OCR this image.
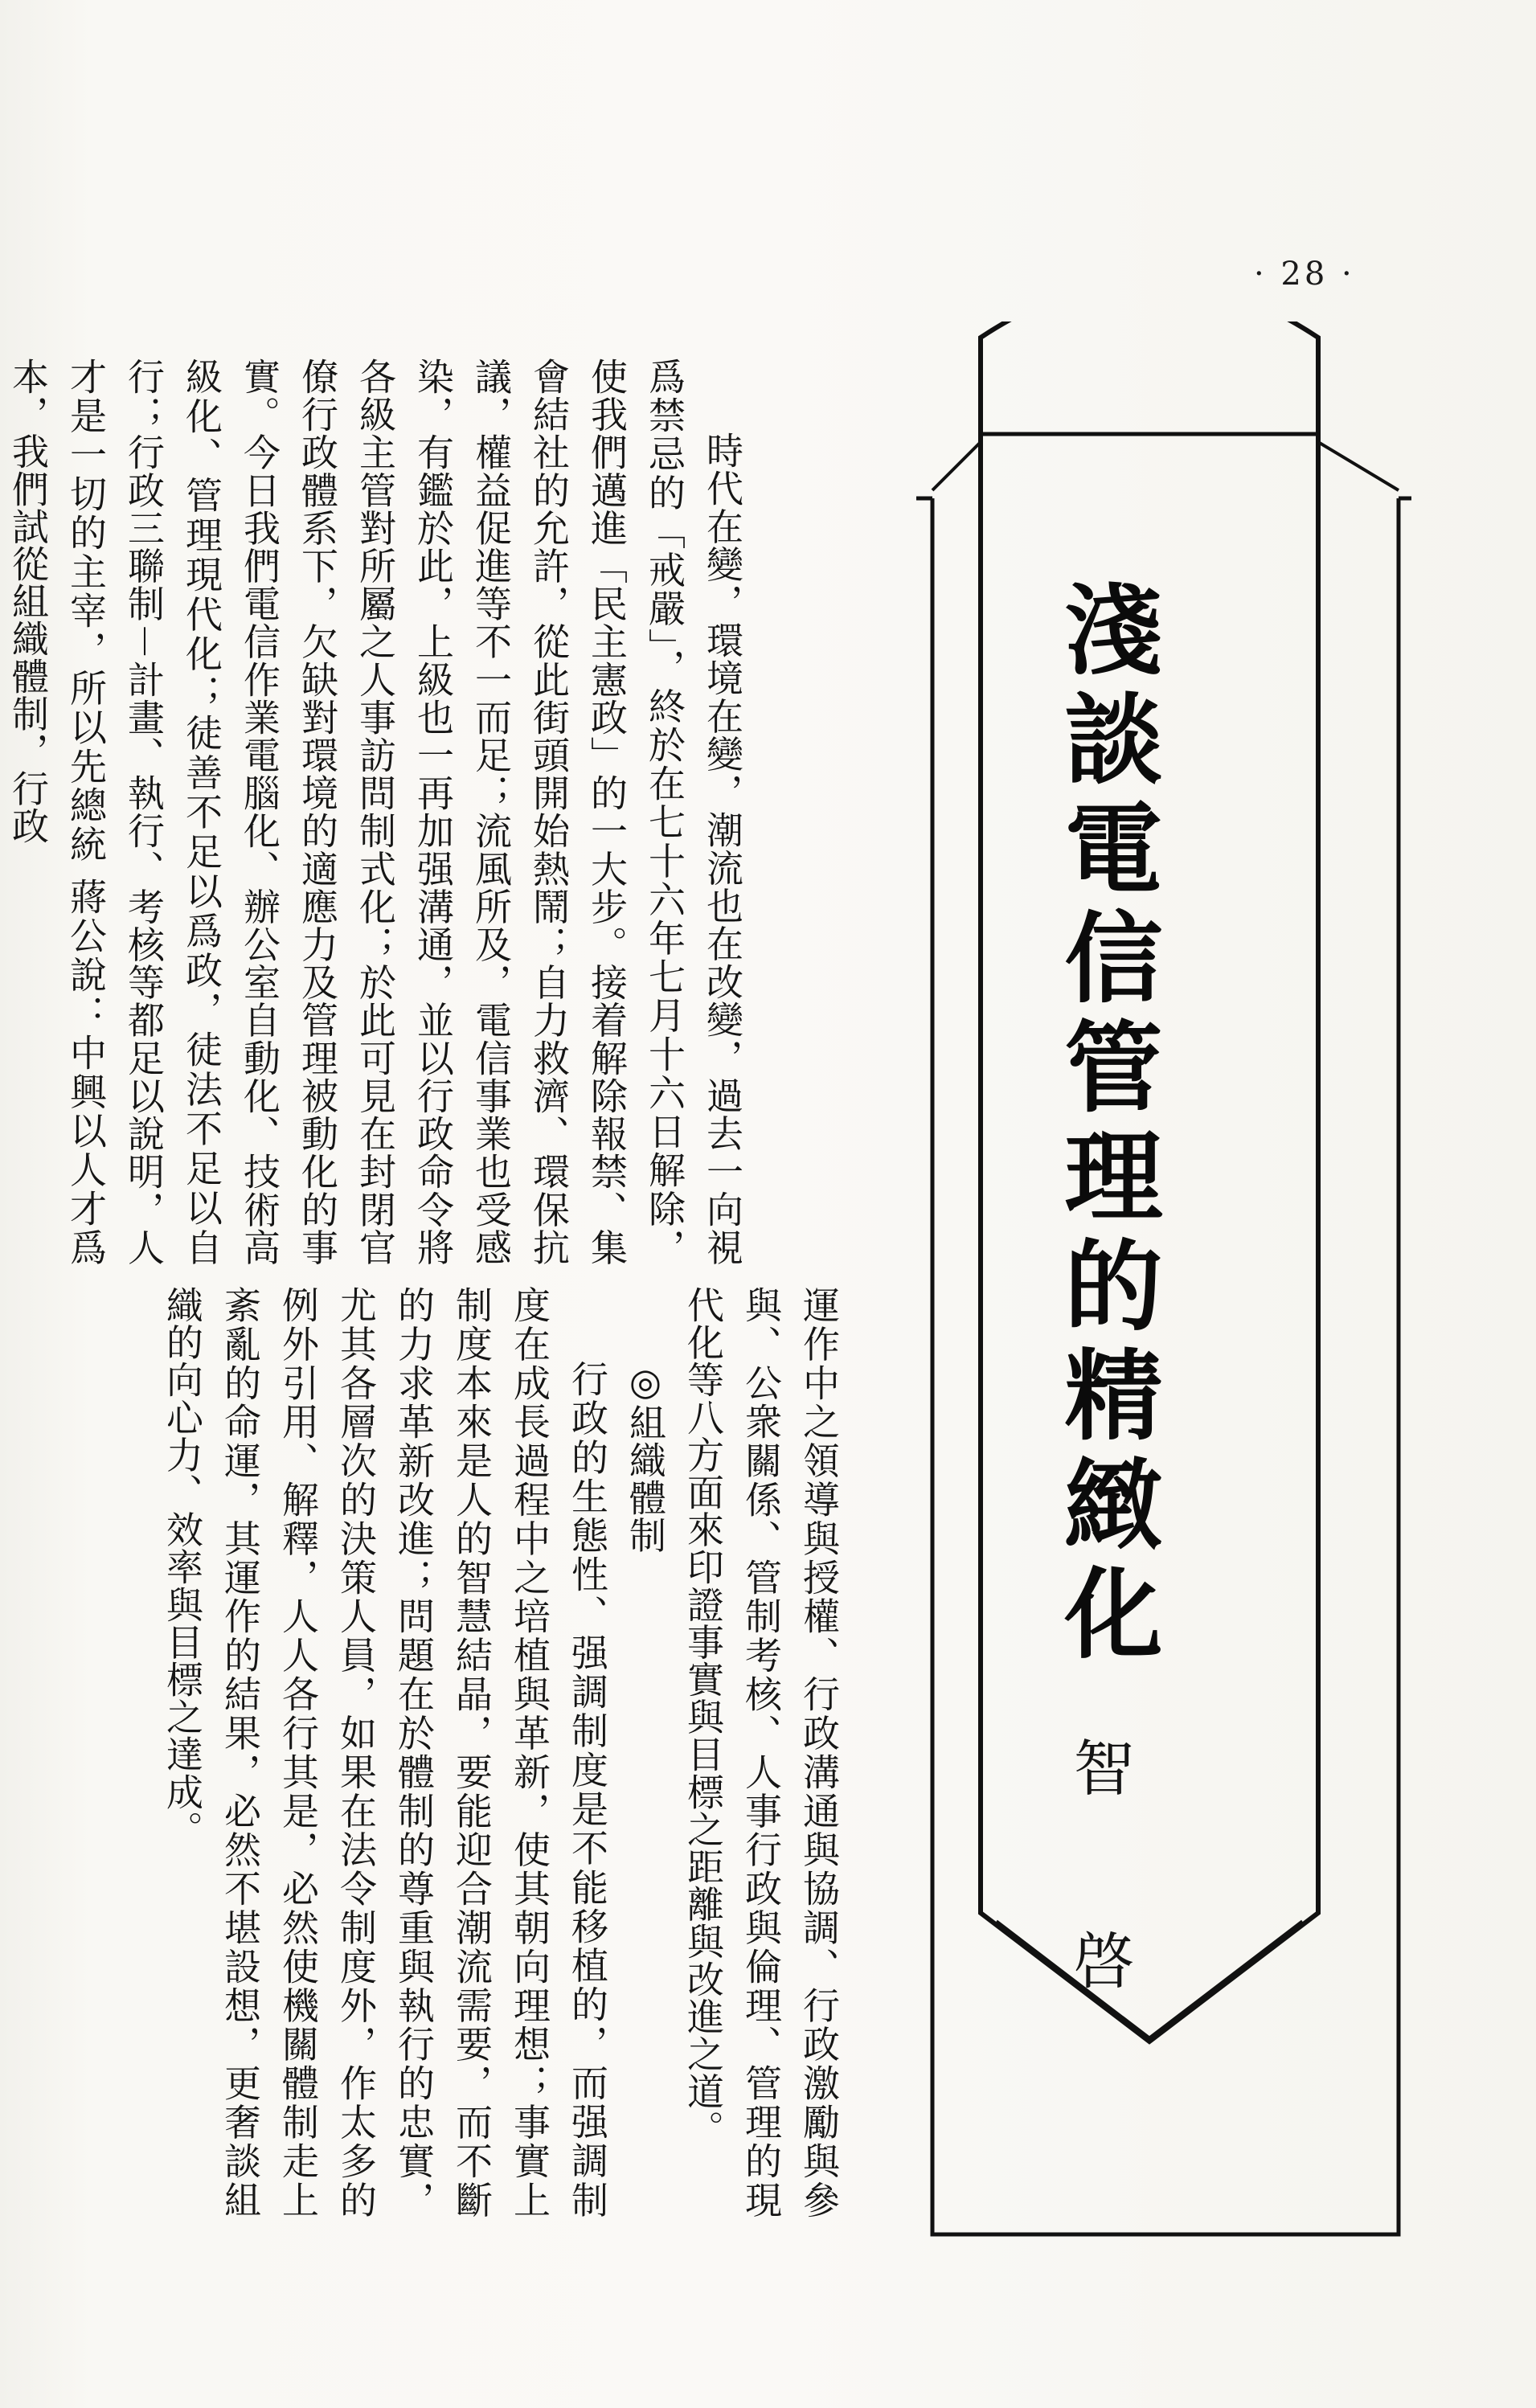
· 28 ·
淺談電信管理的精緻化
智 啓

時代在變，環境在變，潮流也在改變，過去一向視爲禁忌的「戒嚴」，終於在七十六年七月十六日解除，使我們邁進「民主憲政」的一大步。接着解除報禁、集會結社的允許，從此街頭開始熱鬧；自力救濟、環保抗議，權益促進等不一而足；流風所及，電信事業也受感染，有鑑於此，上級也一再加强溝通，並以行政命令將各級主管對所屬之人事訪問制式化；於此可見在封閉官僚行政體系下，欠缺對環境的適應力及管理被動化的事實。今日我們電信作業電腦化、辦公室自動化、技術高級化、管理現代化；徒善不足以爲政，徒法不足以自行；行政三聯制－計畫、執行、考核等都足以說明，人才是一切的主宰，所以先總統 蔣公說：中興以人才爲本，我們試從組織體制，行政

運作中之領導與授權、行政溝通與協調、行政激勵與參與、公衆關係、管制考核、人事行政與倫理、管理的現代化等八方面來印證事實與目標之距離與改進之道。

◎組織體制

行政的生態性、强調制度是不能移植的，而强調制度在成長過程中之培植與革新，使其朝向理想；事實上制度本來是人的智慧結晶，要能迎合潮流需要，而不斷的力求革新改進；問題在於體制的尊重與執行的忠實，尤其各層次的決策人員，如果在法令制度外，作太多的例外引用、解釋，人人各行其是，必然使機關體制走上紊亂的命運，其運作的結果，必然不堪設想，更奢談組織的向心力、效率與目標之達成。
